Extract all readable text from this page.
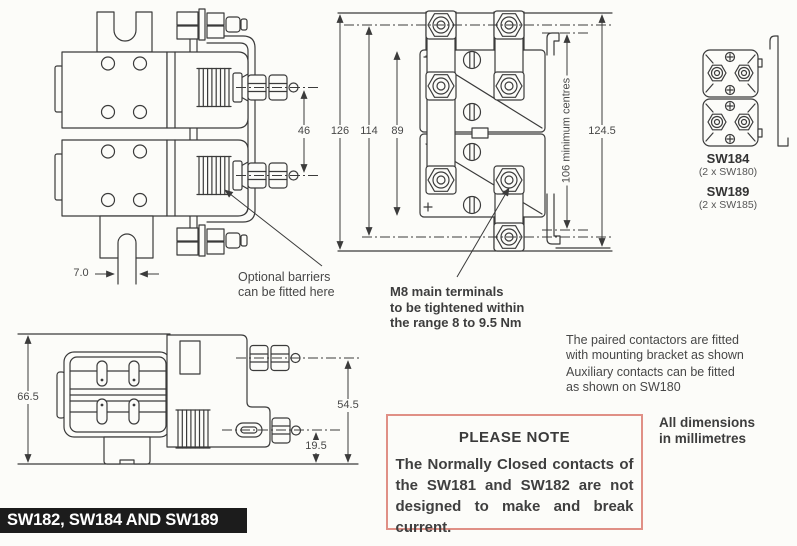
46
7.0
126 114 89	106 minimum centres 124.5
66.5
54.5
19.5
Optional barriers
can be fitted here	M8 main terminals
to be tightened within
the range 8 to 9.5 Nm
SW184
(2 x SW180)
SW189
(2 x SW185)
The paired contactors are fitted
with mounting bracket as shown
Auxiliary contacts can be fitted
as shown on SW180
All dimensions
in millimetres
PLEASE NOTE
The Normally Closed contacts of the SW181 and SW182 are not designed to make and break current.
SW182, SW184 AND SW189
